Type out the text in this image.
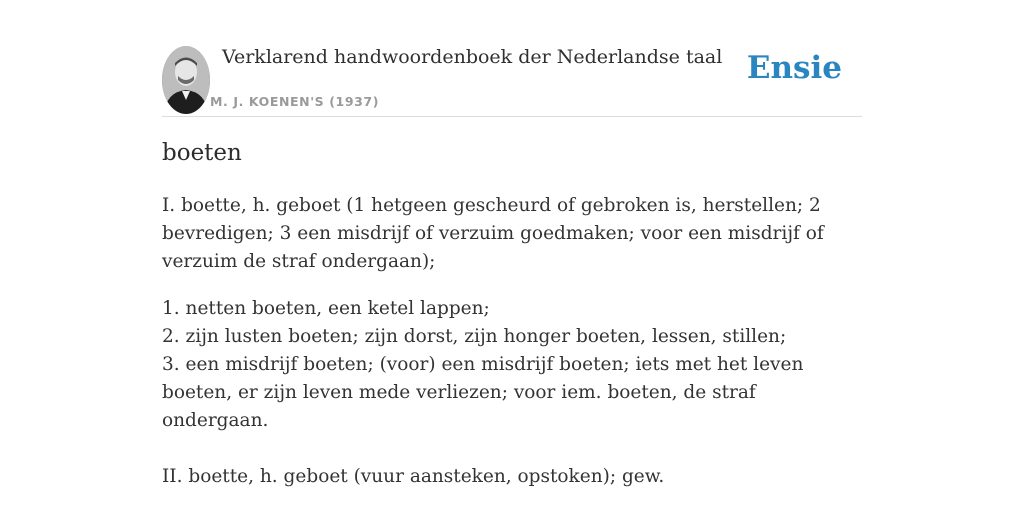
Verklarend handwoordenboek der Nederlandse taal
M. J. KOENEN'S (1937)
Ensie
boeten

I. boette, h. geboet (1 hetgeen gescheurd of gebroken is, herstellen; 2 bevredigen; 3 een misdrijf of verzuim goedmaken; voor een misdrijf of verzuim de straf ondergaan);

1. netten boeten, een ketel lappen;

2. zijn lusten boeten; zijn dorst, zijn honger boeten, lessen, stillen;

3. een misdrijf boeten; (voor) een misdrijf boeten; iets met het leven boeten, er zijn leven mede verliezen; voor iem. boeten, de straf ondergaan.

II. boette, h. geboet (vuur aansteken, opstoken); gew.
